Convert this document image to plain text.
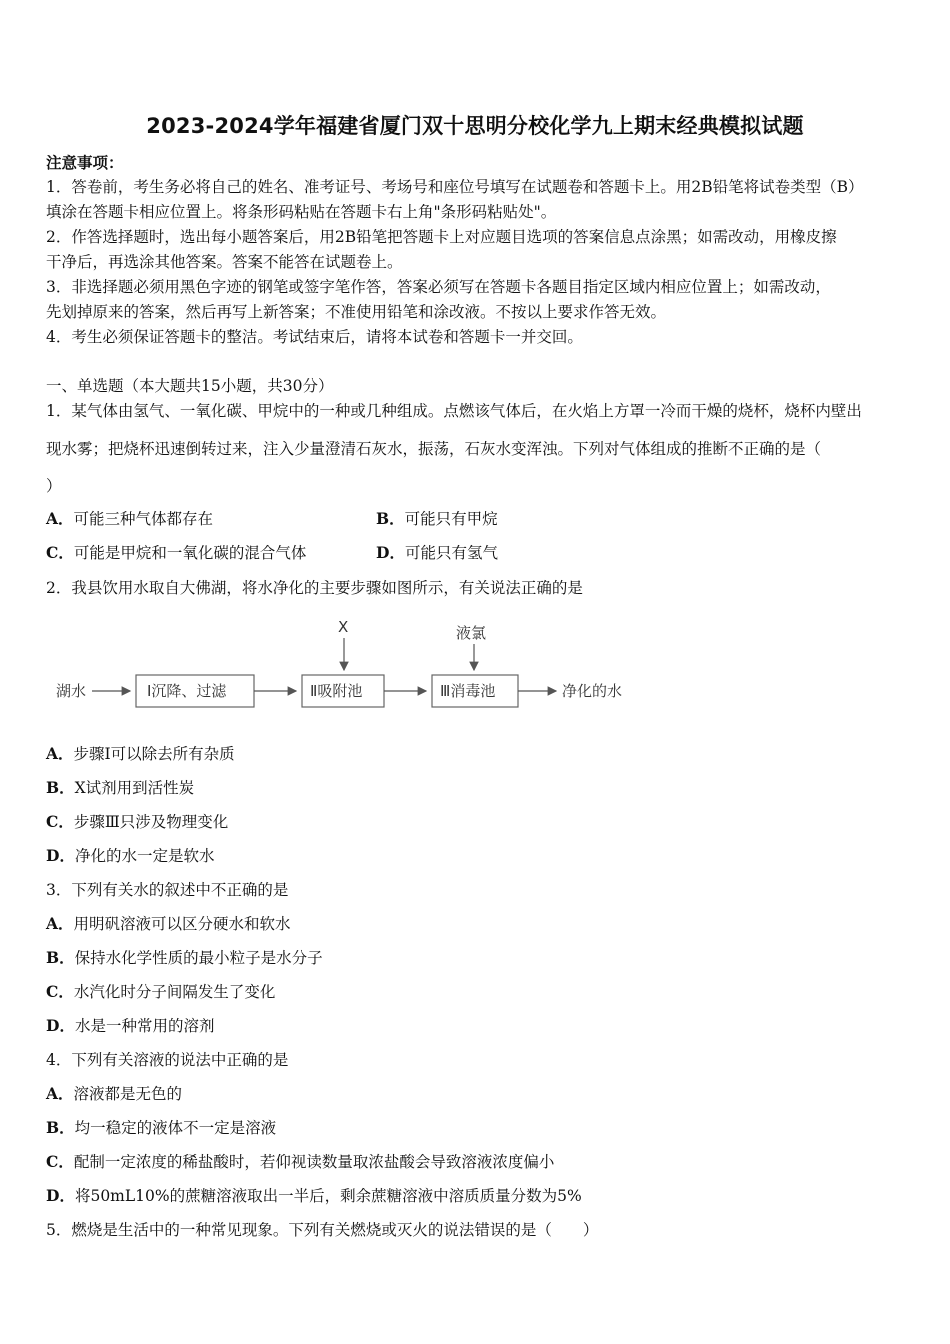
2023-2024学年福建省厦门双十思明分校化学九上期末经典模拟试题
注意事项：
1．答卷前，考生务必将自己的姓名、准考证号、考场号和座位号填写在试题卷和答题卡上。用2B铅笔将试卷类型（B）
填涂在答题卡相应位置上。将条形码粘贴在答题卡右上角"条形码粘贴处"。
2．作答选择题时，选出每小题答案后，用2B铅笔把答题卡上对应题目选项的答案信息点涂黑；如需改动，用橡皮擦
干净后，再选涂其他答案。答案不能答在试题卷上。
3．非选择题必须用黑色字迹的钢笔或签字笔作答，答案必须写在答题卡各题目指定区域内相应位置上；如需改动，
先划掉原来的答案，然后再写上新答案；不准使用铅笔和涂改液。不按以上要求作答无效。
4．考生必须保证答题卡的整洁。考试结束后，请将本试卷和答题卡一并交回。
一、单选题（本大题共15小题，共30分）
1．某气体由氢气、一氧化碳、甲烷中的一种或几种组成。点燃该气体后，在火焰上方罩一冷而干燥的烧杯，烧杯内壁出
现水雾；把烧杯迅速倒转过来，注入少量澄清石灰水，振荡，石灰水变浑浊。下列对气体组成的推断不正确的是（
）
A．可能三种气体都存在	B．可能只有甲烷
C．可能是甲烷和一氧化碳的混合气体	D．可能只有氢气
2．我县饮用水取自大佛湖，将水净化的主要步骤如图所示，有关说法正确的是
湖水	Ⅰ沉降、过滤	Ⅱ吸附池
X
Ⅲ消毒池
液氯
净化的水
A．步骤Ⅰ可以除去所有杂质
B．X试剂用到活性炭
C．步骤Ⅲ只涉及物理变化
D．净化的水一定是软水
3．下列有关水的叙述中不正确的是
A．用明矾溶液可以区分硬水和软水
B．保持水化学性质的最小粒子是水分子
C．水汽化时分子间隔发生了变化
D．水是一种常用的溶剂
4．下列有关溶液的说法中正确的是
A．溶液都是无色的
B．均一稳定的液体不一定是溶液
C．配制一定浓度的稀盐酸时，若仰视读数量取浓盐酸会导致溶液浓度偏小
D．将50mL10%的蔗糖溶液取出一半后，剩余蔗糖溶液中溶质质量分数为5%
5．燃烧是生活中的一种常见现象。下列有关燃烧或灭火的说法错误的是（　　）
